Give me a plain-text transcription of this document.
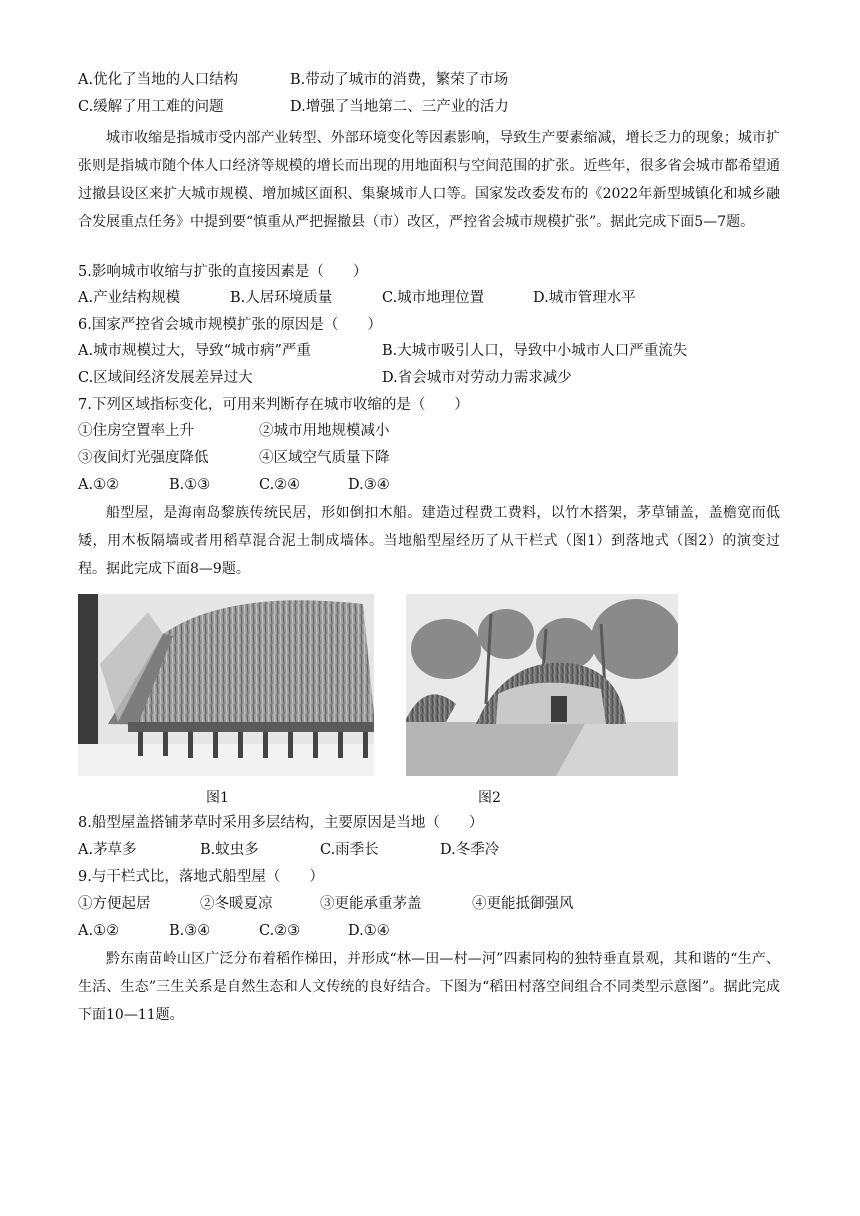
A.优化了当地的人口结构	B.带动了城市的消费，繁荣了市场
C.缓解了用工难的问题	D.增强了当地第二、三产业的活力

城市收缩是指城市受内部产业转型、外部环境变化等因素影响，导致生产要素缩减，增长乏力的现象；城市扩张则是指城市随个体人口经济等规模的增长而出现的用地面积与空间范围的扩张。近些年，很多省会城市都希望通过撤县设区来扩大城市规模、增加城区面积、集聚城市人口等。国家发改委发布的《2022年新型城镇化和城乡融合发展重点任务》中提到要“慎重从严把握撤县（市）改区，严控省会城市规模扩张”。据此完成下面5—7题。

5.影响城市收缩与扩张的直接因素是（　　）
A.产业结构规模	B.人居环境质量	C.城市地理位置	D.城市管理水平
6.国家严控省会城市规模扩张的原因是（　　）
A.城市规模过大，导致“城市病”严重	B.大城市吸引人口，导致中小城市人口严重流失
C.区域间经济发展差异过大	D.省会城市对劳动力需求减少
7.下列区域指标变化，可用来判断存在城市收缩的是（　　）
①住房空置率上升	②城市用地规模减小
③夜间灯光强度降低	④区域空气质量下降
A.①②	B.①③	C.②④	D.③④

船型屋，是海南岛黎族传统民居，形如倒扣木船。建造过程费工费料，以竹木搭架，茅草铺盖，盖檐宽而低矮，用木板隔墙或者用稻草混合泥土制成墙体。当地船型屋经历了从干栏式（图1）到落地式（图2）的演变过程。据此完成下面8—9题。

图1	图2
8.船型屋盖搭铺茅草时采用多层结构，主要原因是当地（　　）
A.茅草多	B.蚊虫多	C.雨季长	D.冬季冷
9.与干栏式比，落地式船型屋（　　）
①方便起居	②冬暖夏凉	③更能承重茅盖	④更能抵御强风
A.①②	B.③④	C.②③	D.①④

黔东南苗岭山区广泛分布着稻作梯田，并形成“林—田—村—河”四素同构的独特垂直景观，其和谐的“生产、生活、生态”三生关系是自然生态和人文传统的良好结合。下图为“稻田村落空间组合不同类型示意图”。据此完成下面10—11题。
